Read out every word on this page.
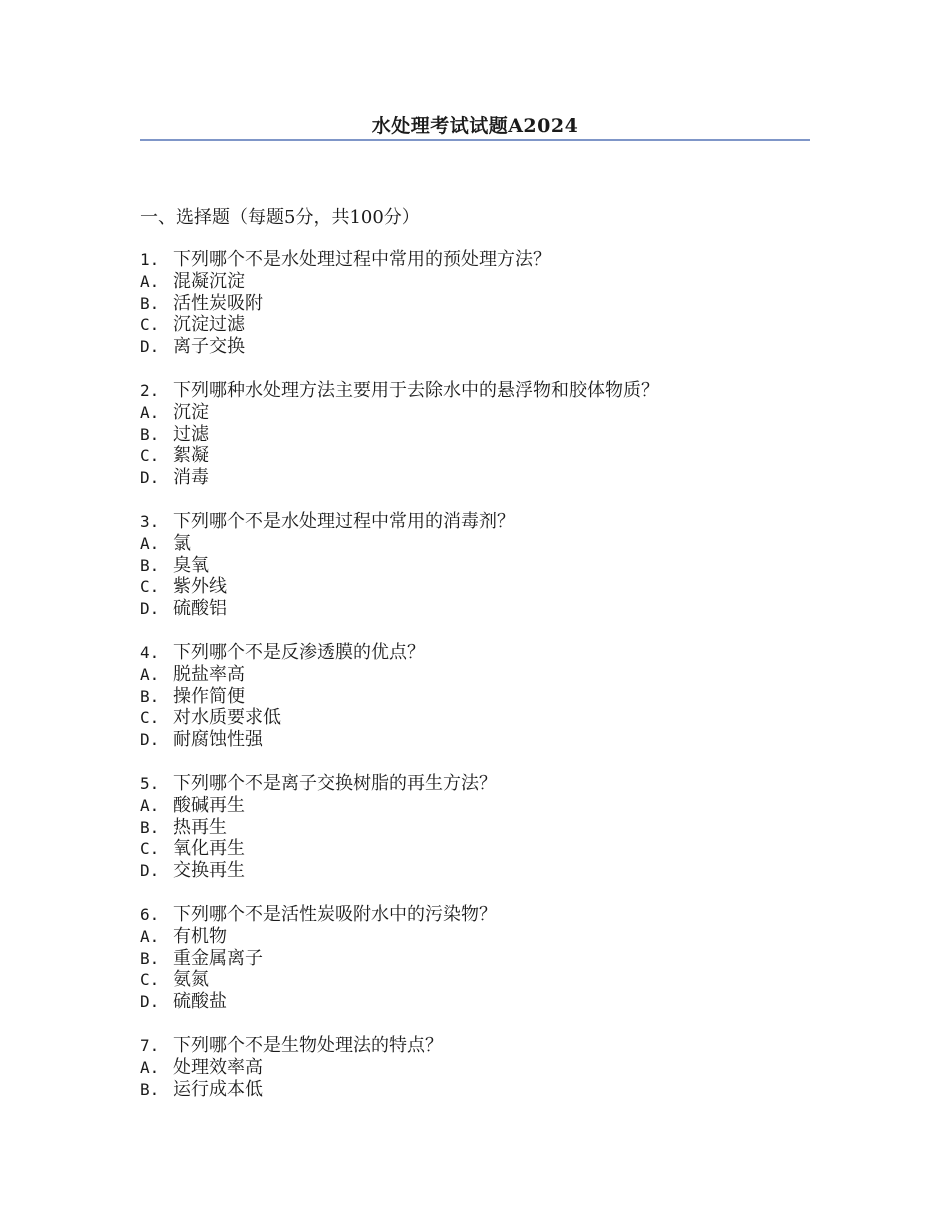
水处理考试试题A2024
一、选择题（每题5分，共100分）
1. 下列哪个不是水处理过程中常用的预处理方法？
A. 混凝沉淀
B. 活性炭吸附
C. 沉淀过滤
D. 离子交换
2. 下列哪种水处理方法主要用于去除水中的悬浮物和胶体物质？
A. 沉淀
B. 过滤
C. 絮凝
D. 消毒
3. 下列哪个不是水处理过程中常用的消毒剂？
A. 氯
B. 臭氧
C. 紫外线
D. 硫酸铝
4. 下列哪个不是反渗透膜的优点？
A. 脱盐率高
B. 操作简便
C. 对水质要求低
D. 耐腐蚀性强
5. 下列哪个不是离子交换树脂的再生方法？
A. 酸碱再生
B. 热再生
C. 氧化再生
D. 交换再生
6. 下列哪个不是活性炭吸附水中的污染物？
A. 有机物
B. 重金属离子
C. 氨氮
D. 硫酸盐
7. 下列哪个不是生物处理法的特点？
A. 处理效率高
B. 运行成本低
